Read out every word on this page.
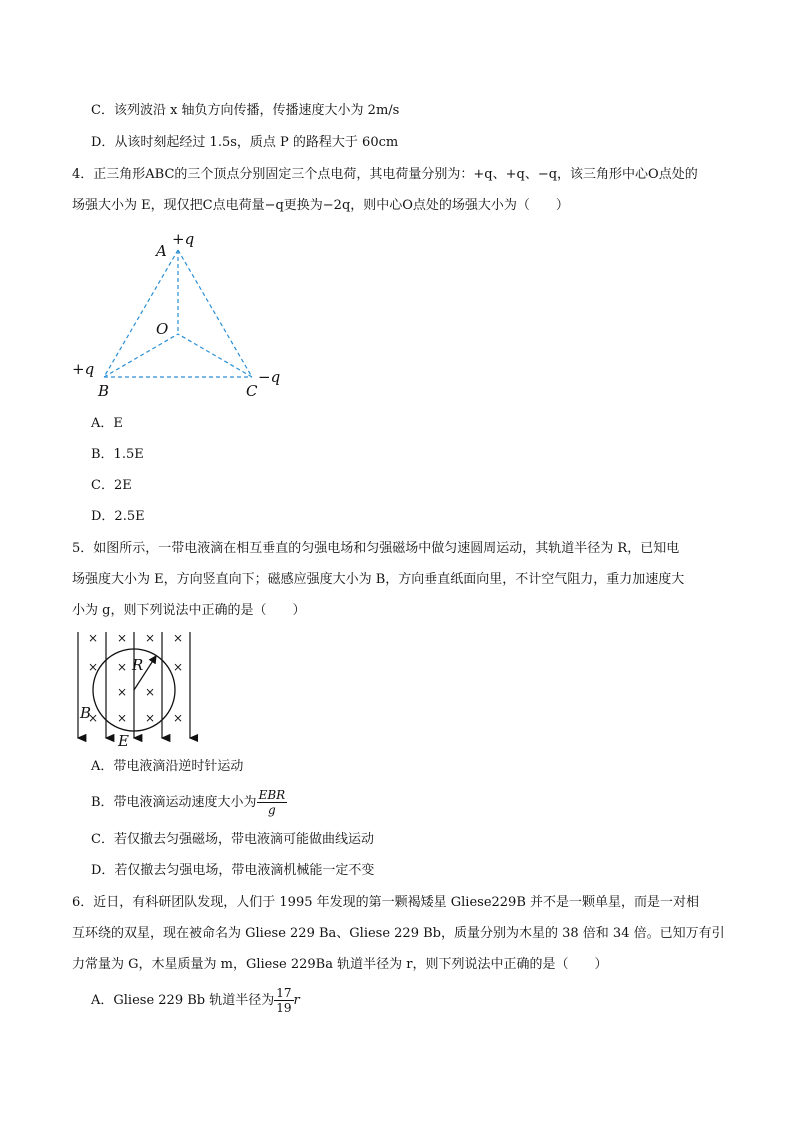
C．该列波沿 x 轴负方向传播，传播速度大小为 2m/s
D．从该时刻起经过 1.5s，质点 P 的路程大于 60cm
4．正三角形ABC的三个顶点分别固定三个点电荷，其电荷量分别为：+q、+q、−q，该三角形中心O点处的
场强大小为 E，现仅把C点电荷量−q更换为−2q，则中心O点处的场强大小为（　　）
A
+q
O
+q
B	C
−q
A．E
B．1.5E
C．2E
D．2.5E
5．如图所示，一带电液滴在相互垂直的匀强电场和匀强磁场中做匀速圆周运动，其轨道半径为 R，已知电
场强度大小为 E，方向竖直向下；磁感应强度大小为 B，方向垂直纸面向里，不计空气阻力，重力加速度大
小为 g，则下列说法中正确的是（　　）
× × × ×
× ×	×
× ×
× × × ×
R
B
E
A．带电液滴沿逆时针运动
B．带电液滴运动速度大小为 $\frac{\text{EBR}}{g}$
C．若仅撤去匀强磁场，带电液滴可能做曲线运动
D．若仅撤去匀强电场，带电液滴机械能一定不变
6．近日，有科研团队发现，人们于 1995 年发现的第一颗褐矮星 Gliese229B 并不是一颗单星，而是一对相
互环绕的双星，现在被命名为 Gliese 229 Ba、Gliese 229 Bb，质量分别为木星的 38 倍和 34 倍。已知万有引
力常量为 G，木星质量为 m，Gliese 229Ba 轨道半径为 r，则下列说法中正确的是（　　）
A．Gliese 229 Bb 轨道半径为 $\frac{17}{19}$ r
